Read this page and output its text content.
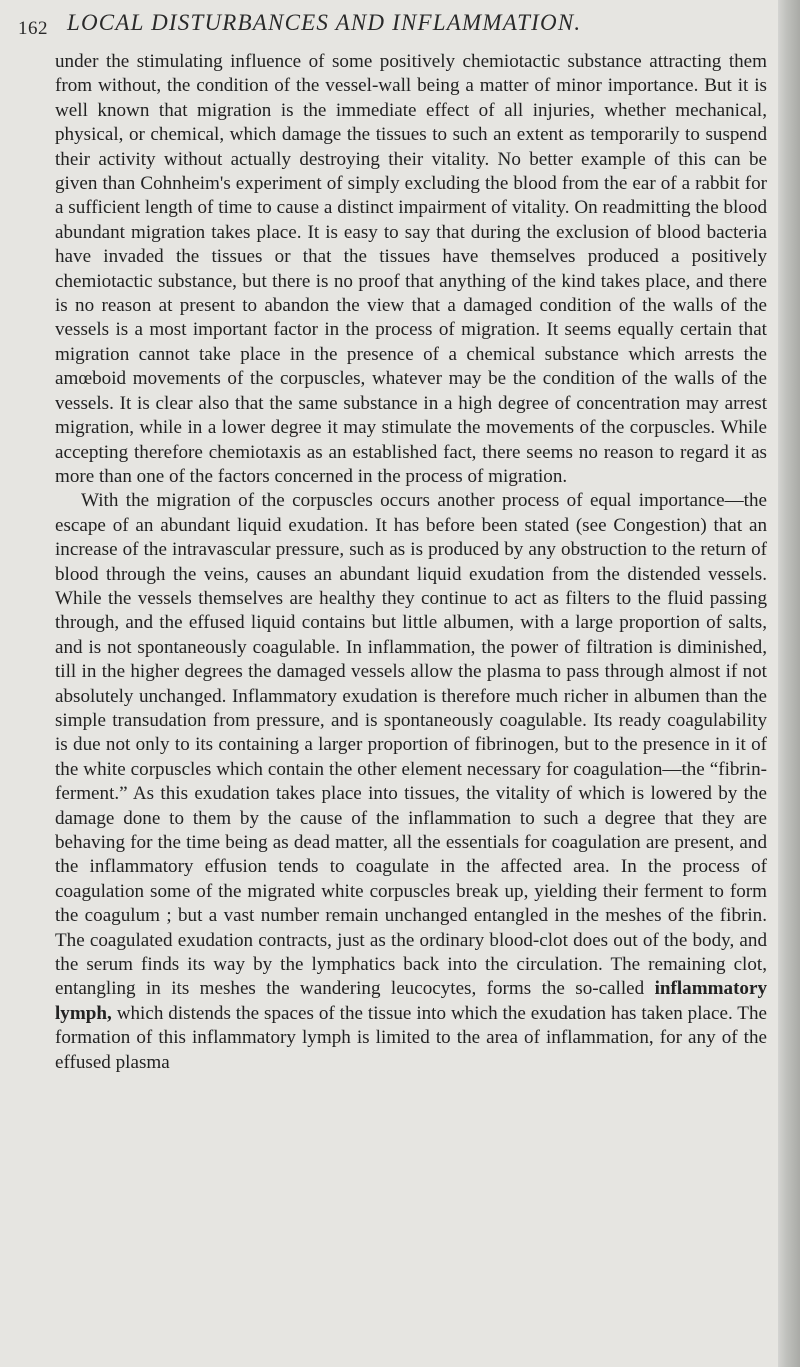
162 LOCAL DISTURBANCES AND INFLAMMATION.

under the stimulating influence of some positively chemiotactic substance attracting them from without, the condition of the vessel-wall being a matter of minor importance. But it is well known that migration is the immediate effect of all injuries, whether mechanical, physical, or chemical, which damage the tissues to such an extent as temporarily to suspend their activity without actually destroying their vitality. No better example of this can be given than Cohnheim's experiment of simply excluding the blood from the ear of a rabbit for a sufficient length of time to cause a distinct impairment of vitality. On readmitting the blood abundant migration takes place. It is easy to say that during the exclusion of blood bacteria have invaded the tissues or that the tissues have themselves produced a positively chemiotactic substance, but there is no proof that anything of the kind takes place, and there is no reason at present to abandon the view that a damaged condition of the walls of the vessels is a most important factor in the process of migration. It seems equally certain that migration cannot take place in the presence of a chemical substance which arrests the amœboid movements of the corpuscles, whatever may be the condition of the walls of the vessels. It is clear also that the same substance in a high degree of concentration may arrest migration, while in a lower degree it may stimulate the movements of the corpuscles. While accepting therefore chemiotaxis as an established fact, there seems no reason to regard it as more than one of the factors concerned in the process of migration.

With the migration of the corpuscles occurs another process of equal importance—the escape of an abundant liquid exudation. It has before been stated (see Congestion) that an increase of the intravascular pressure, such as is produced by any obstruction to the return of blood through the veins, causes an abundant liquid exudation from the distended vessels. While the vessels themselves are healthy they continue to act as filters to the fluid passing through, and the effused liquid contains but little albumen, with a large proportion of salts, and is not spontaneously coagulable. In inflammation, the power of filtration is diminished, till in the higher degrees the damaged vessels allow the plasma to pass through almost if not absolutely unchanged. Inflammatory exudation is therefore much richer in albumen than the simple transudation from pressure, and is spontaneously coagulable. Its ready coagulability is due not only to its containing a larger proportion of fibrinogen, but to the presence in it of the white corpuscles which contain the other element necessary for coagulation—the “fibrin-ferment.” As this exudation takes place into tissues, the vitality of which is lowered by the damage done to them by the cause of the inflammation to such a degree that they are behaving for the time being as dead matter, all the essentials for coagulation are present, and the inflammatory effusion tends to coagulate in the affected area. In the process of coagulation some of the migrated white corpuscles break up, yielding their ferment to form the coagulum ; but a vast number remain unchanged entangled in the meshes of the fibrin. The coagulated exudation contracts, just as the ordinary blood-clot does out of the body, and the serum finds its way by the lymphatics back into the circulation. The remaining clot, entangling in its meshes the wandering leucocytes, forms the so-called inflammatory lymph, which distends the spaces of the tissue into which the exudation has taken place. The formation of this inflammatory lymph is limited to the area of inflammation, for any of the effused plasma
